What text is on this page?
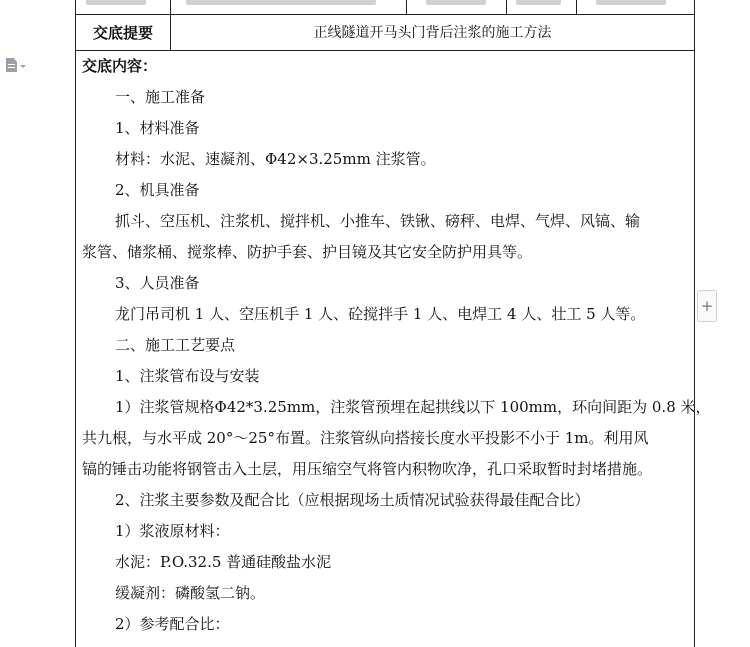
交底提要	正线隧道开马头门背后注浆的施工方法
交底内容：
一、施工准备
1、材料准备
材料：水泥、速凝剂、Φ42×3.25mm 注浆管。
2、机具准备
抓斗、空压机、注浆机、搅拌机、小推车、铁锹、磅秤、电焊、气焊、风镐、输
浆管、储浆桶、搅浆棒、防护手套、护目镜及其它安全防护用具等。
3、人员准备
龙门吊司机 1 人、空压机手 1 人、砼搅拌手 1 人、电焊工 4 人、壮工 5 人等。
二、施工工艺要点
1、注浆管布设与安装
1）注浆管规格Φ42*3.25mm，注浆管预埋在起拱线以下 100mm，环向间距为 0.8 米，
共九根，与水平成 20°～25°布置。注浆管纵向搭接长度水平投影不小于 1m。利用风
镐的锤击功能将钢管击入土层，用压缩空气将管内积物吹净，孔口采取暂时封堵措施。
2、注浆主要参数及配合比（应根据现场土质情况试验获得最佳配合比）
1）浆液原材料：
水泥：P.O.32.5 普通硅酸盐水泥
缓凝剂：磷酸氢二钠。
2）参考配合比：
+
